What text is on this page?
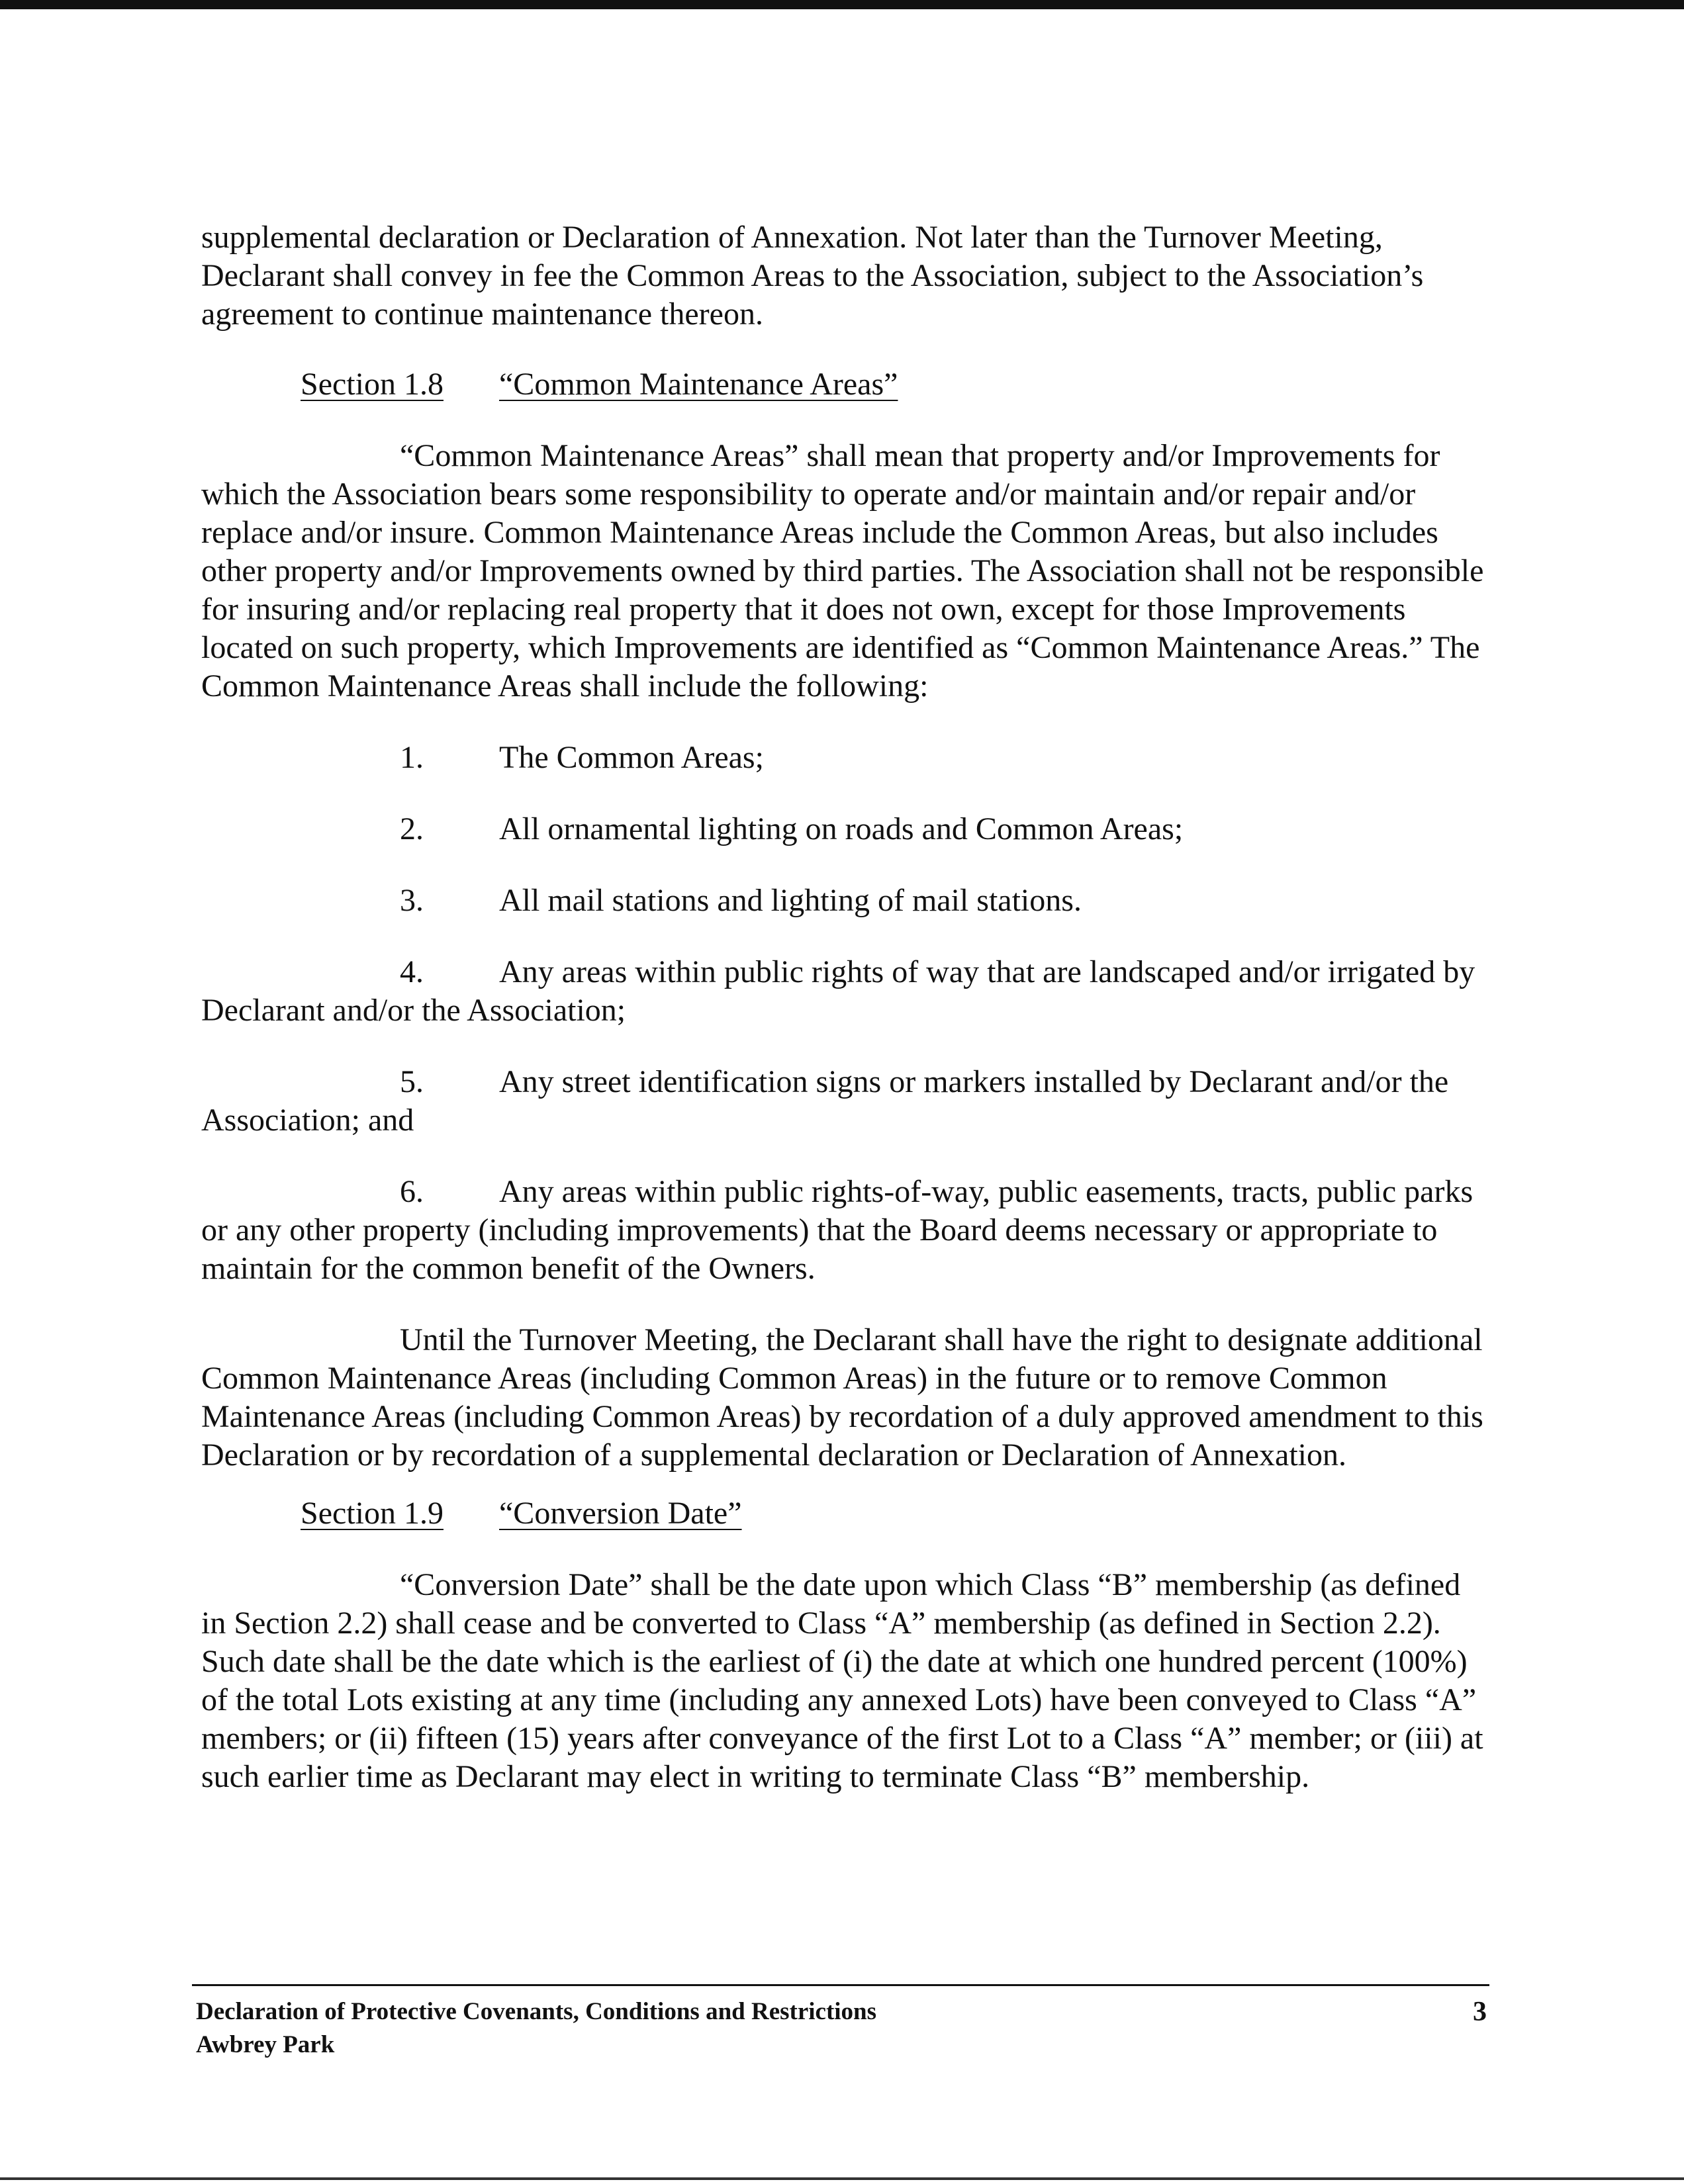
supplemental declaration or Declaration of Annexation. Not later than the Turnover Meeting, Declarant shall convey in fee the Common Areas to the Association, subject to the Association’s agreement to continue maintenance thereon.

Section 1.8	“Common Maintenance Areas”

“Common Maintenance Areas” shall mean that property and/or Improvements for which the Association bears some responsibility to operate and/or maintain and/or repair and/or replace and/or insure. Common Maintenance Areas include the Common Areas, but also includes other property and/or Improvements owned by third parties. The Association shall not be responsible for insuring and/or replacing real property that it does not own, except for those Improvements located on such property, which Improvements are identified as “Common Maintenance Areas.” The Common Maintenance Areas shall include the following:

1.	The Common Areas;
2.	All ornamental lighting on roads and Common Areas;
3.	All mail stations and lighting of mail stations.

4. Any areas within public rights of way that are landscaped and/or irrigated by Declarant and/or the Association;

5. Any street identification signs or markers installed by Declarant and/or the Association; and

6. Any areas within public rights-of-way, public easements, tracts, public parks or any other property (including improvements) that the Board deems necessary or appropriate to maintain for the common benefit of the Owners.

Until the Turnover Meeting, the Declarant shall have the right to designate additional Common Maintenance Areas (including Common Areas) in the future or to remove Common Maintenance Areas (including Common Areas) by recordation of a duly approved amendment to this Declaration or by recordation of a supplemental declaration or Declaration of Annexation.

Section 1.9	“Conversion Date”

“Conversion Date” shall be the date upon which Class “B” membership (as defined in Section 2.2) shall cease and be converted to Class “A” membership (as defined in Section 2.2). Such date shall be the date which is the earliest of (i) the date at which one hundred percent (100%) of the total Lots existing at any time (including any annexed Lots) have been conveyed to Class “A” members; or (ii) fifteen (15) years after conveyance of the first Lot to a Class “A” member; or (iii) at such earlier time as Declarant may elect in writing to terminate Class “B” membership.

Declaration of Protective Covenants, Conditions and Restrictions
Awbrey Park
3
